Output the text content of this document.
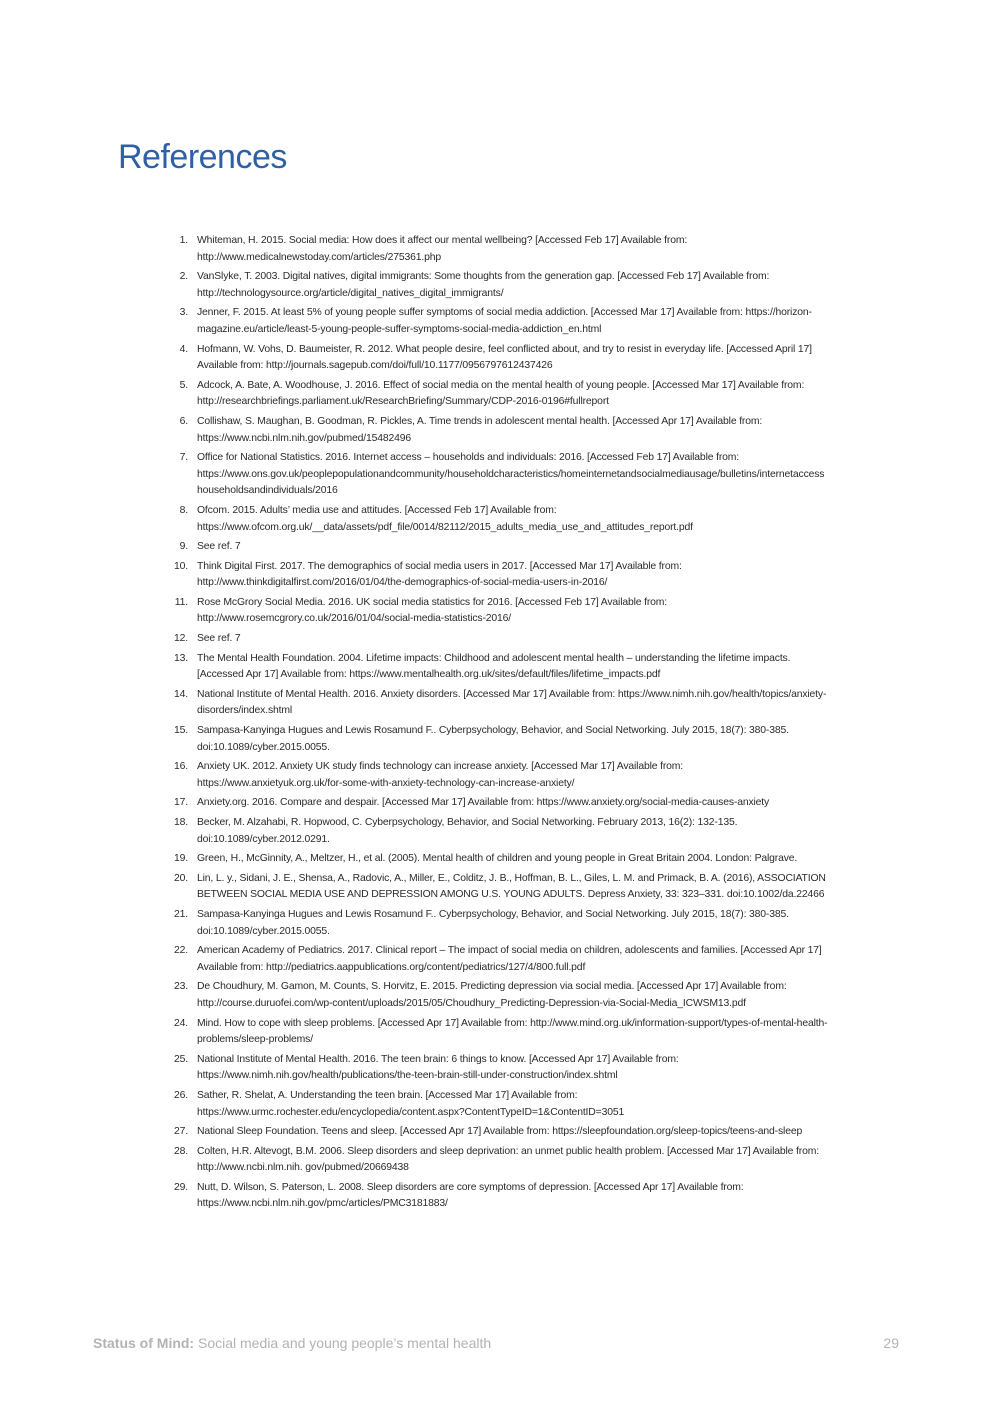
References
1. Whiteman, H. 2015. Social media: How does it affect our mental wellbeing? [Accessed Feb 17] Available from: http://www.medicalnewstoday.com/articles/275361.php
2. VanSlyke, T. 2003. Digital natives, digital immigrants: Some thoughts from the generation gap. [Accessed Feb 17] Available from: http://technologysource.org/article/digital_natives_digital_immigrants/
3. Jenner, F. 2015. At least 5% of young people suffer symptoms of social media addiction. [Accessed Mar 17] Available from: https://horizon-magazine.eu/article/least-5-young-people-suffer-symptoms-social-media-addiction_en.html
4. Hofmann, W. Vohs, D. Baumeister, R. 2012. What people desire, feel conflicted about, and try to resist in everyday life. [Accessed April 17] Available from: http://journals.sagepub.com/doi/full/10.1177/0956797612437426
5. Adcock, A. Bate, A. Woodhouse, J. 2016. Effect of social media on the mental health of young people. [Accessed Mar 17] Available from: http://researchbriefings.parliament.uk/ResearchBriefing/Summary/CDP-2016-0196#fullreport
6. Collishaw, S. Maughan, B. Goodman, R. Pickles, A. Time trends in adolescent mental health. [Accessed Apr 17] Available from: https://www.ncbi.nlm.nih.gov/pubmed/15482496
7. Office for National Statistics. 2016. Internet access – households and individuals: 2016. [Accessed Feb 17] Available from: https://www.ons.gov.uk/peoplepopulationandcommunity/householdcharacteristics/homeinternetandsocialmediausage/bulletins/internetaccesshouseholdsandindividuals/2016
8. Ofcom. 2015. Adults’ media use and attitudes. [Accessed Feb 17] Available from: https://www.ofcom.org.uk/__data/assets/pdf_file/0014/82112/2015_adults_media_use_and_attitudes_report.pdf
9. See ref. 7
10. Think Digital First. 2017. The demographics of social media users in 2017. [Accessed Mar 17] Available from: http://www.thinkdigitalfirst.com/2016/01/04/the-demographics-of-social-media-users-in-2016/
11. Rose McGrory Social Media. 2016. UK social media statistics for 2016. [Accessed Feb 17] Available from: http://www.rosemcgrory.co.uk/2016/01/04/social-media-statistics-2016/
12. See ref. 7
13. The Mental Health Foundation. 2004. Lifetime impacts: Childhood and adolescent mental health – understanding the lifetime impacts. [Accessed Apr 17] Available from: https://www.mentalhealth.org.uk/sites/default/files/lifetime_impacts.pdf
14. National Institute of Mental Health. 2016. Anxiety disorders. [Accessed Mar 17] Available from: https://www.nimh.nih.gov/health/topics/anxiety-disorders/index.shtml
15. Sampasa-Kanyinga Hugues and Lewis Rosamund F.. Cyberpsychology, Behavior, and Social Networking. July 2015, 18(7): 380-385. doi:10.1089/cyber.2015.0055.
16. Anxiety UK. 2012. Anxiety UK study finds technology can increase anxiety. [Accessed Mar 17] Available from: https://www.anxietyuk.org.uk/for-some-with-anxiety-technology-can-increase-anxiety/
17. Anxiety.org. 2016. Compare and despair. [Accessed Mar 17] Available from: https://www.anxiety.org/social-media-causes-anxiety
18. Becker, M. Alzahabi, R. Hopwood, C. Cyberpsychology, Behavior, and Social Networking. February 2013, 16(2): 132-135. doi:10.1089/cyber.2012.0291.
19. Green, H., McGinnity, A., Meltzer, H., et al. (2005). Mental health of children and young people in Great Britain 2004. London: Palgrave.
20. Lin, L. y., Sidani, J. E., Shensa, A., Radovic, A., Miller, E., Colditz, J. B., Hoffman, B. L., Giles, L. M. and Primack, B. A. (2016), ASSOCIATION BETWEEN SOCIAL MEDIA USE AND DEPRESSION AMONG U.S. YOUNG ADULTS. Depress Anxiety, 33: 323–331. doi:10.1002/da.22466
21. Sampasa-Kanyinga Hugues and Lewis Rosamund F.. Cyberpsychology, Behavior, and Social Networking. July 2015, 18(7): 380-385. doi:10.1089/cyber.2015.0055.
22. American Academy of Pediatrics. 2017. Clinical report – The impact of social media on children, adolescents and families. [Accessed Apr 17] Available from: http://pediatrics.aappublications.org/content/pediatrics/127/4/800.full.pdf
23. De Choudhury, M. Gamon, M. Counts, S. Horvitz, E. 2015. Predicting depression via social media. [Accessed Apr 17] Available from: http://course.duruofei.com/wp-content/uploads/2015/05/Choudhury_Predicting-Depression-via-Social-Media_ICWSM13.pdf
24. Mind. How to cope with sleep problems. [Accessed Apr 17] Available from: http://www.mind.org.uk/information-support/types-of-mental-health-problems/sleep-problems/
25. National Institute of Mental Health. 2016. The teen brain: 6 things to know. [Accessed Apr 17] Available from: https://www.nimh.nih.gov/health/publications/the-teen-brain-still-under-construction/index.shtml
26. Sather, R. Shelat, A. Understanding the teen brain. [Accessed Mar 17] Available from: https://www.urmc.rochester.edu/encyclopedia/content.aspx?ContentTypeID=1&ContentID=3051
27. National Sleep Foundation. Teens and sleep. [Accessed Apr 17] Available from: https://sleepfoundation.org/sleep-topics/teens-and-sleep
28. Colten, H.R. Altevogt, B.M. 2006. Sleep disorders and sleep deprivation: an unmet public health problem. [Accessed Mar 17] Available from: http://www.ncbi.nlm.nih. gov/pubmed/20669438
29. Nutt, D. Wilson, S. Paterson, L. 2008. Sleep disorders are core symptoms of depression. [Accessed Apr 17] Available from: https://www.ncbi.nlm.nih.gov/pmc/articles/PMC3181883/
Status of Mind: Social media and young people’s mental health	29
